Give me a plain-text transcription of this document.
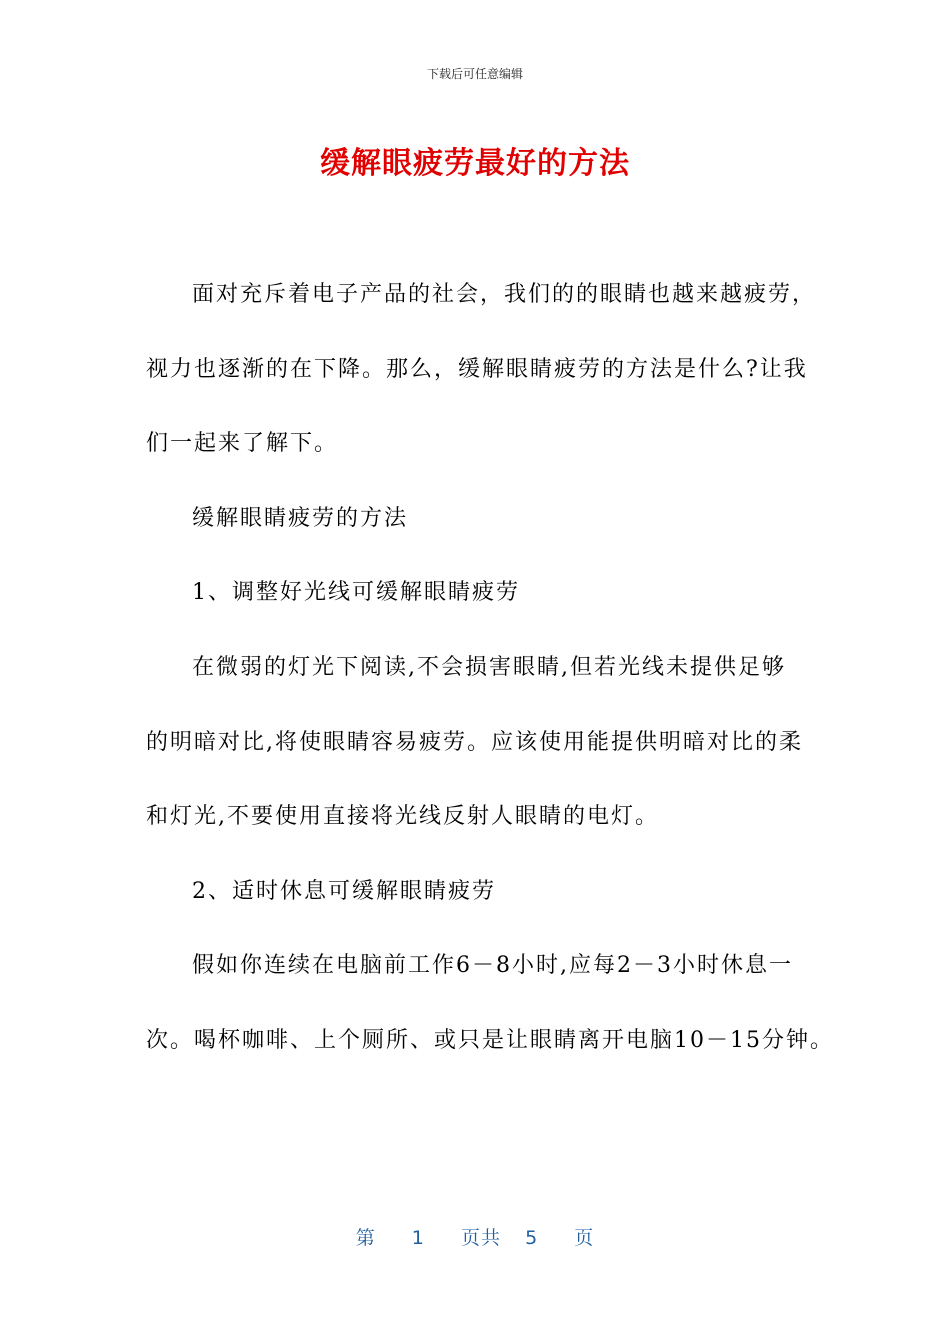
下载后可任意编辑
缓解眼疲劳最好的方法
面对充斥着电子产品的社会，我们的的眼睛也越来越疲劳，
视力也逐渐的在下降。那么，缓解眼睛疲劳的方法是什么?让我
们一起来了解下。
缓解眼睛疲劳的方法
1、调整好光线可缓解眼睛疲劳
在微弱的灯光下阅读,不会损害眼睛,但若光线未提供足够
的明暗对比,将使眼睛容易疲劳。应该使用能提供明暗对比的柔
和灯光,不要使用直接将光线反射人眼睛的电灯。
2、适时休息可缓解眼睛疲劳
假如你连续在电脑前工作6－8小时,应每2－3小时休息一
次。喝杯咖啡、上个厕所、或只是让眼睛离开电脑10－15分钟。
第 1 页共 5 页
